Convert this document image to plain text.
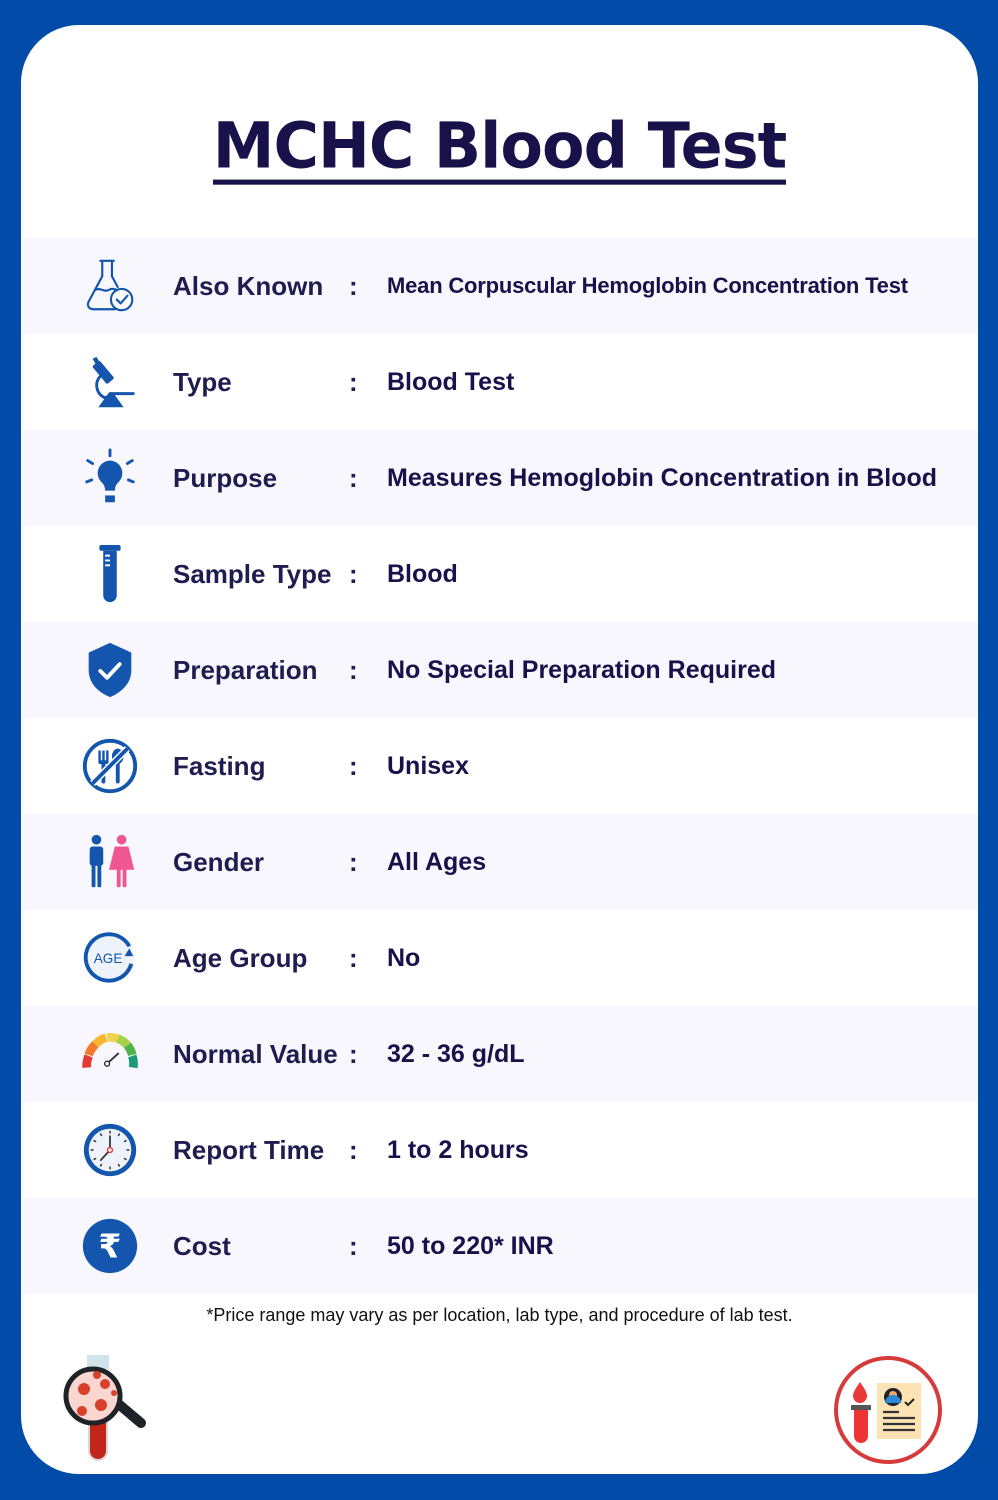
MCHC Blood Test
Also Known : Mean Corpuscular Hemoglobin Concentration Test
Type	: Blood Test
Purpose	: Measures Hemoglobin Concentration in Blood
Sample Type : Blood
Preparation : No Special Preparation Required
Fasting	: Unisex
Gender	: All Ages
AGE Age Group : No
Normal Value : 32 - 36 g/dL
Report Time : 1 to 2 hours
₹ Cost	: 50 to 220* INR

*Price range may vary as per location, lab type, and procedure of lab test.
